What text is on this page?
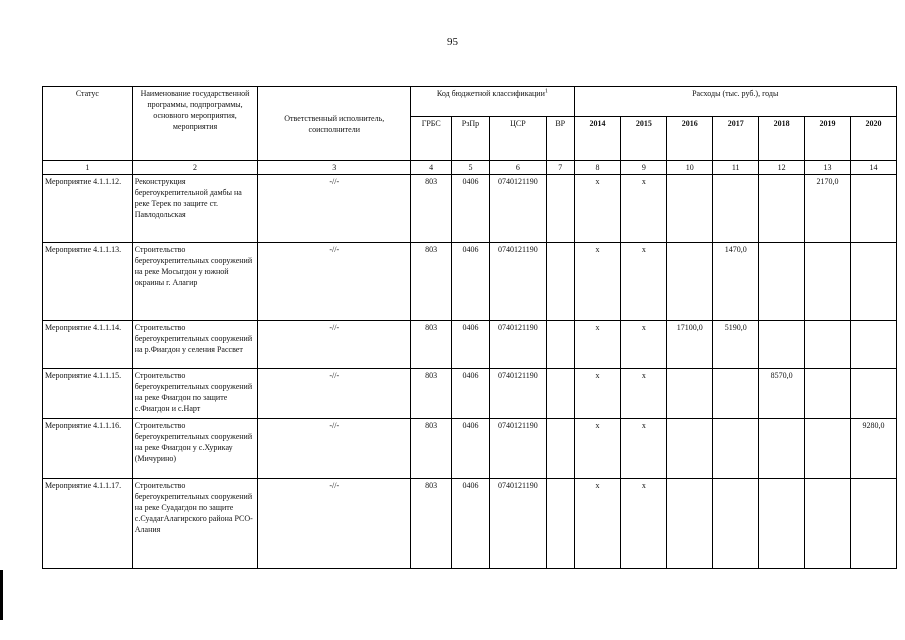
95
Статус	Наименование государственной программы, подпрограммы, основного мероприятия, мероприятия	Ответственный исполнитель, соисполнители	Код бюджетной классификации$^1$				Расходы (тыс. руб.), годы						
			ГРБС	РзПр	ЦСР	ВР	2014	2015	2016	2017	2018	2019	2020
1	2	3	4	5	6	7	8	9	10	11	12	13	14
Мероприятие 4.1.1.12.	Реконструкция берегоукрепительной дамбы на реке Терек по защите ст. Павлодольская	-//-	803	0406	0740121190		х	х				2170,0	
Мероприятие 4.1.1.13.	Строительство берегоукрепительных сооружений на реке Мосыгдон у южной окраины г. Алагир	-//-	803	0406	0740121190		х	х		1470,0			
Мероприятие 4.1.1.14.	Строительство берегоукрепительных сооружений на р.Фиагдон у селения Рассвет	-//-	803	0406	0740121190		х	х	17100,0	5190,0			
Мероприятие 4.1.1.15.	Строительство берегоукрепительных сооружений на реке Фиагдон по защите с.Фиагдон и с.Нарт	-//-	803	0406	0740121190		х	х			8570,0		
Мероприятие 4.1.1.16.	Строительство берегоукрепительных сооружений на реке Фиагдон у с.Хурикау (Мичурино)	-//-	803	0406	0740121190		х	х					9280,0
Мероприятие 4.1.1.17.	Строительство берегоукрепительных сооружений на реке Суадагдон по защите с.СуадагАлагирского района РСО-Алания	-//-	803	0406	0740121190		х	х					
